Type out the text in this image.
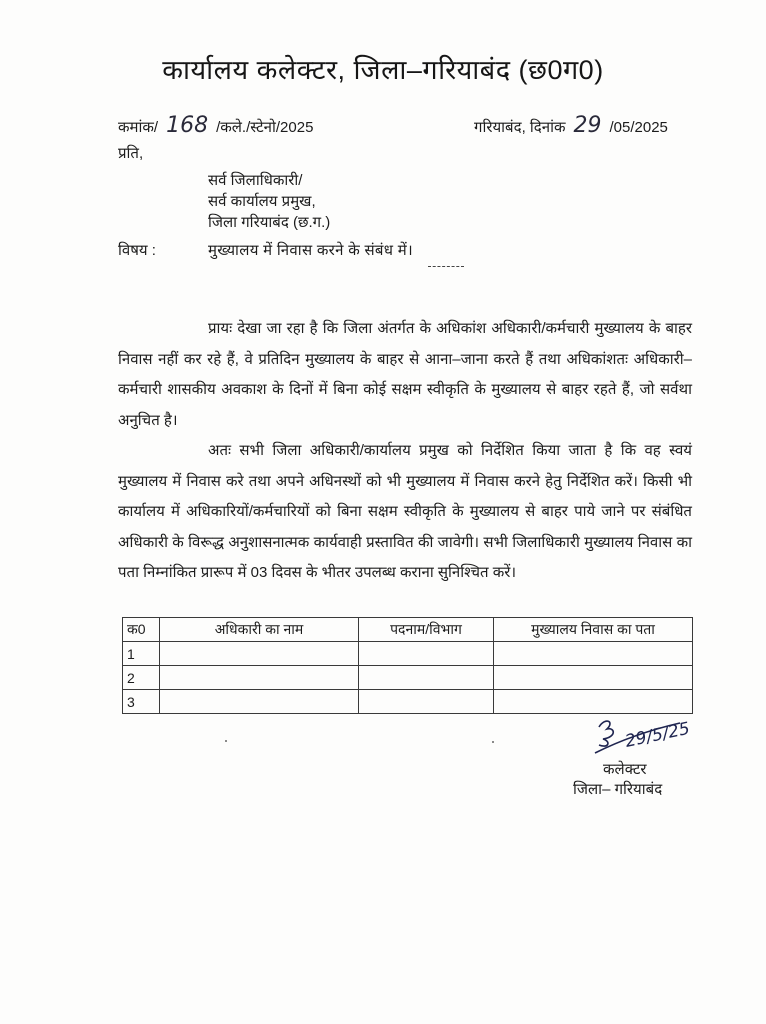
कार्यालय कलेक्टर, जिला–गरियाबंद (छ0ग0)
कमांक/ 168 /कले./स्टेनो/2025	गरियाबंद, दिनांक 29 /05/2025
प्रति,
सर्व जिलाधिकारी/
सर्व कार्यालय प्रमुख,
जिला गरियाबंद (छ.ग.)
विषय :	मुख्यालय में निवास करने के संबंध में।
प्रायः देखा जा रहा है कि जिला अंतर्गत के अधिकांश अधिकारी/कर्मचारी मुख्यालय के बाहर निवास नहीं कर रहे हैं, वे प्रतिदिन मुख्यालय के बाहर से आना–जाना करते हैं तथा अधिकांशतः अधिकारी–कर्मचारी शासकीय अवकाश के दिनों में बिना कोई सक्षम स्वीकृति के मुख्यालय से बाहर रहते हैं, जो सर्वथा अनुचित है।
अतः सभी जिला अधिकारी/कार्यालय प्रमुख को निर्देशित किया जाता है कि वह स्वयं मुख्यालय में निवास करे तथा अपने अधिनस्थों को भी मुख्यालय में निवास करने हेतु निर्देशित करें। किसी भी कार्यालय में अधिकारियों/कर्मचारियों को बिना सक्षम स्वीकृति के मुख्यालय से बाहर पाये जाने पर संबंधित अधिकारी के विरूद्ध अनुशासनात्मक कार्यवाही प्रस्तावित की जावेगी। सभी जिलाधिकारी मुख्यालय निवास का पता निम्नांकित प्रारूप में 03 दिवस के भीतर उपलब्ध कराना सुनिश्चित करें।
क0	अधिकारी का नाम	पदनाम/विभाग	मुख्यालय निवास का पता
1			
2			
3			
29/5/25
कलेक्टर
जिला– गरियाबंद
